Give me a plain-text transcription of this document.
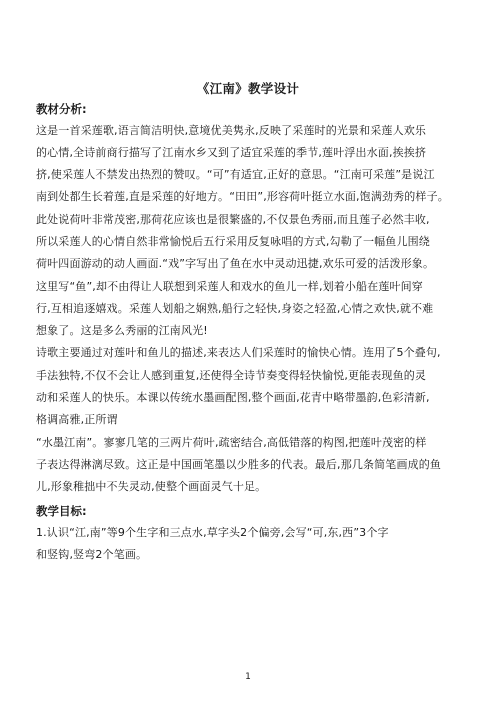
《江南》教学设计
教材分析:
这是一首采莲歌,语言简洁明快,意境优美隽永,反映了采莲时的光景和采莲人欢乐
的心情,全诗前商行描写了江南水乡又到了适宜采莲的季节,莲叶浮出水面,挨挨挤
挤,使采莲人不禁发出热烈的赞叹。“可”有适宜,正好的意思。“江南可采莲”是说江
南到处都生长着莲,直是采莲的好地方。“田田”,形容荷叶挺立水面,饱满劲秀的样子。
此处说荷叶非常茂密,那荷花应该也是很繁盛的,不仅景色秀丽,而且莲子必然丰收,
所以采莲人的心情自然非常愉悦后五行采用反复咏唱的方式,勾勒了一幅鱼儿围绕
荷叶四面游动的动人画面.“戏”字写出了鱼在水中灵动迅捷,欢乐可爱的活泼形象。
这里写“鱼”,却不由得让人联想到采莲人和戏水的鱼儿一样,划着小船在莲叶间穿
行,互相追逐嬉戏。采莲人划船之娴熟,船行之轻快,身姿之轻盈,心情之欢快,就不难
想象了。这是多么秀丽的江南风光!
诗歌主要通过对莲叶和鱼儿的描述,来表达人们采莲时的愉快心情。连用了5个叠句,
手法独特,不仅不会让人感到重复,还使得全诗节奏变得轻快愉悦,更能表现鱼的灵
动和采莲人的快乐。本课以传统水墨画配图,整个画面,花青中略带墨韵,色彩清新,
格调高雅,正所谓
“水墨江南”。寥寥几笔的三两片荷叶,疏密结合,高低错落的构图,把莲叶茂密的样
子表达得淋漓尽致。这正是中国画笔墨以少胜多的代表。最后,那几条简笔画成的鱼
儿,形象稚拙中不失灵动,使整个画面灵气十足。
教学目标:
1.认识“江,南”等9个生字和三点水,草字头2个偏旁,会写“可,东,西”3个字
和竖钩,竖弯2个笔画。
1
